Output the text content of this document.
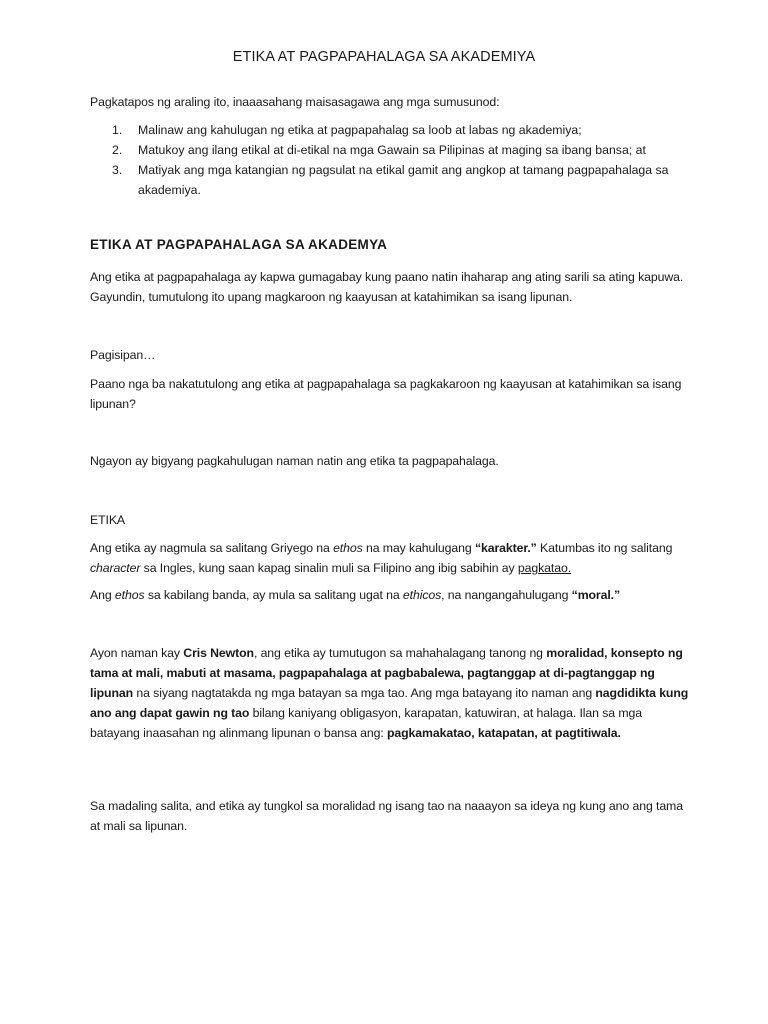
ETIKA AT PAGPAPAHALAGA SA AKADEMIYA
Pagkatapos ng araling ito, inaaasahang maisasagawa ang mga sumusunod:
1. Malinaw ang kahulugan ng etika at pagpapahalag sa loob at labas ng akademiya;
2. Matukoy ang ilang etikal at di-etikal na mga Gawain sa Pilipinas at maging sa ibang bansa; at
3. Matiyak ang mga katangian ng pagsulat na etikal gamit ang angkop at tamang pagpapahalaga sa akademiya.
ETIKA AT PAGPAPAHALAGA SA AKADEMYA
Ang etika at pagpapahalaga ay kapwa gumagabay kung paano natin ihaharap ang ating sarili sa ating kapuwa. Gayundin, tumutulong ito upang magkaroon ng kaayusan at katahimikan sa isang lipunan.
Pagisipan…
Paano nga ba nakatutulong ang etika at pagpapahalaga sa pagkakaroon ng kaayusan at katahimikan sa isang lipunan?
Ngayon ay bigyang pagkahulugan naman natin ang etika ta pagpapahalaga.
ETIKA
Ang etika ay nagmula sa salitang Griyego na ethos na may kahulugang “karakter.” Katumbas ito ng salitang character sa Ingles, kung saan kapag sinalin muli sa Filipino ang ibig sabihin ay pagkatao.
Ang ethos sa kabilang banda, ay mula sa salitang ugat na ethicos, na nangangahulugang “moral.”
Ayon naman kay Cris Newton, ang etika ay tumutugon sa mahahalagang tanong ng moralidad, konsepto ng tama at mali, mabuti at masama, pagpapahalaga at pagbabalewa, pagtanggap at di-pagtanggap ng lipunan na siyang nagtatakda ng mga batayan sa mga tao. Ang mga batayang ito naman ang nagdidikta kung ano ang dapat gawin ng tao bilang kaniyang obligasyon, karapatan, katuwiran, at halaga. Ilan sa mga batayang inaasahan ng alinmang lipunan o bansa ang: pagkamakatao, katapatan, at pagtitiwala.
Sa madaling salita, and etika ay tungkol sa moralidad ng isang tao na naaayon sa ideya ng kung ano ang tama at mali sa lipunan.
